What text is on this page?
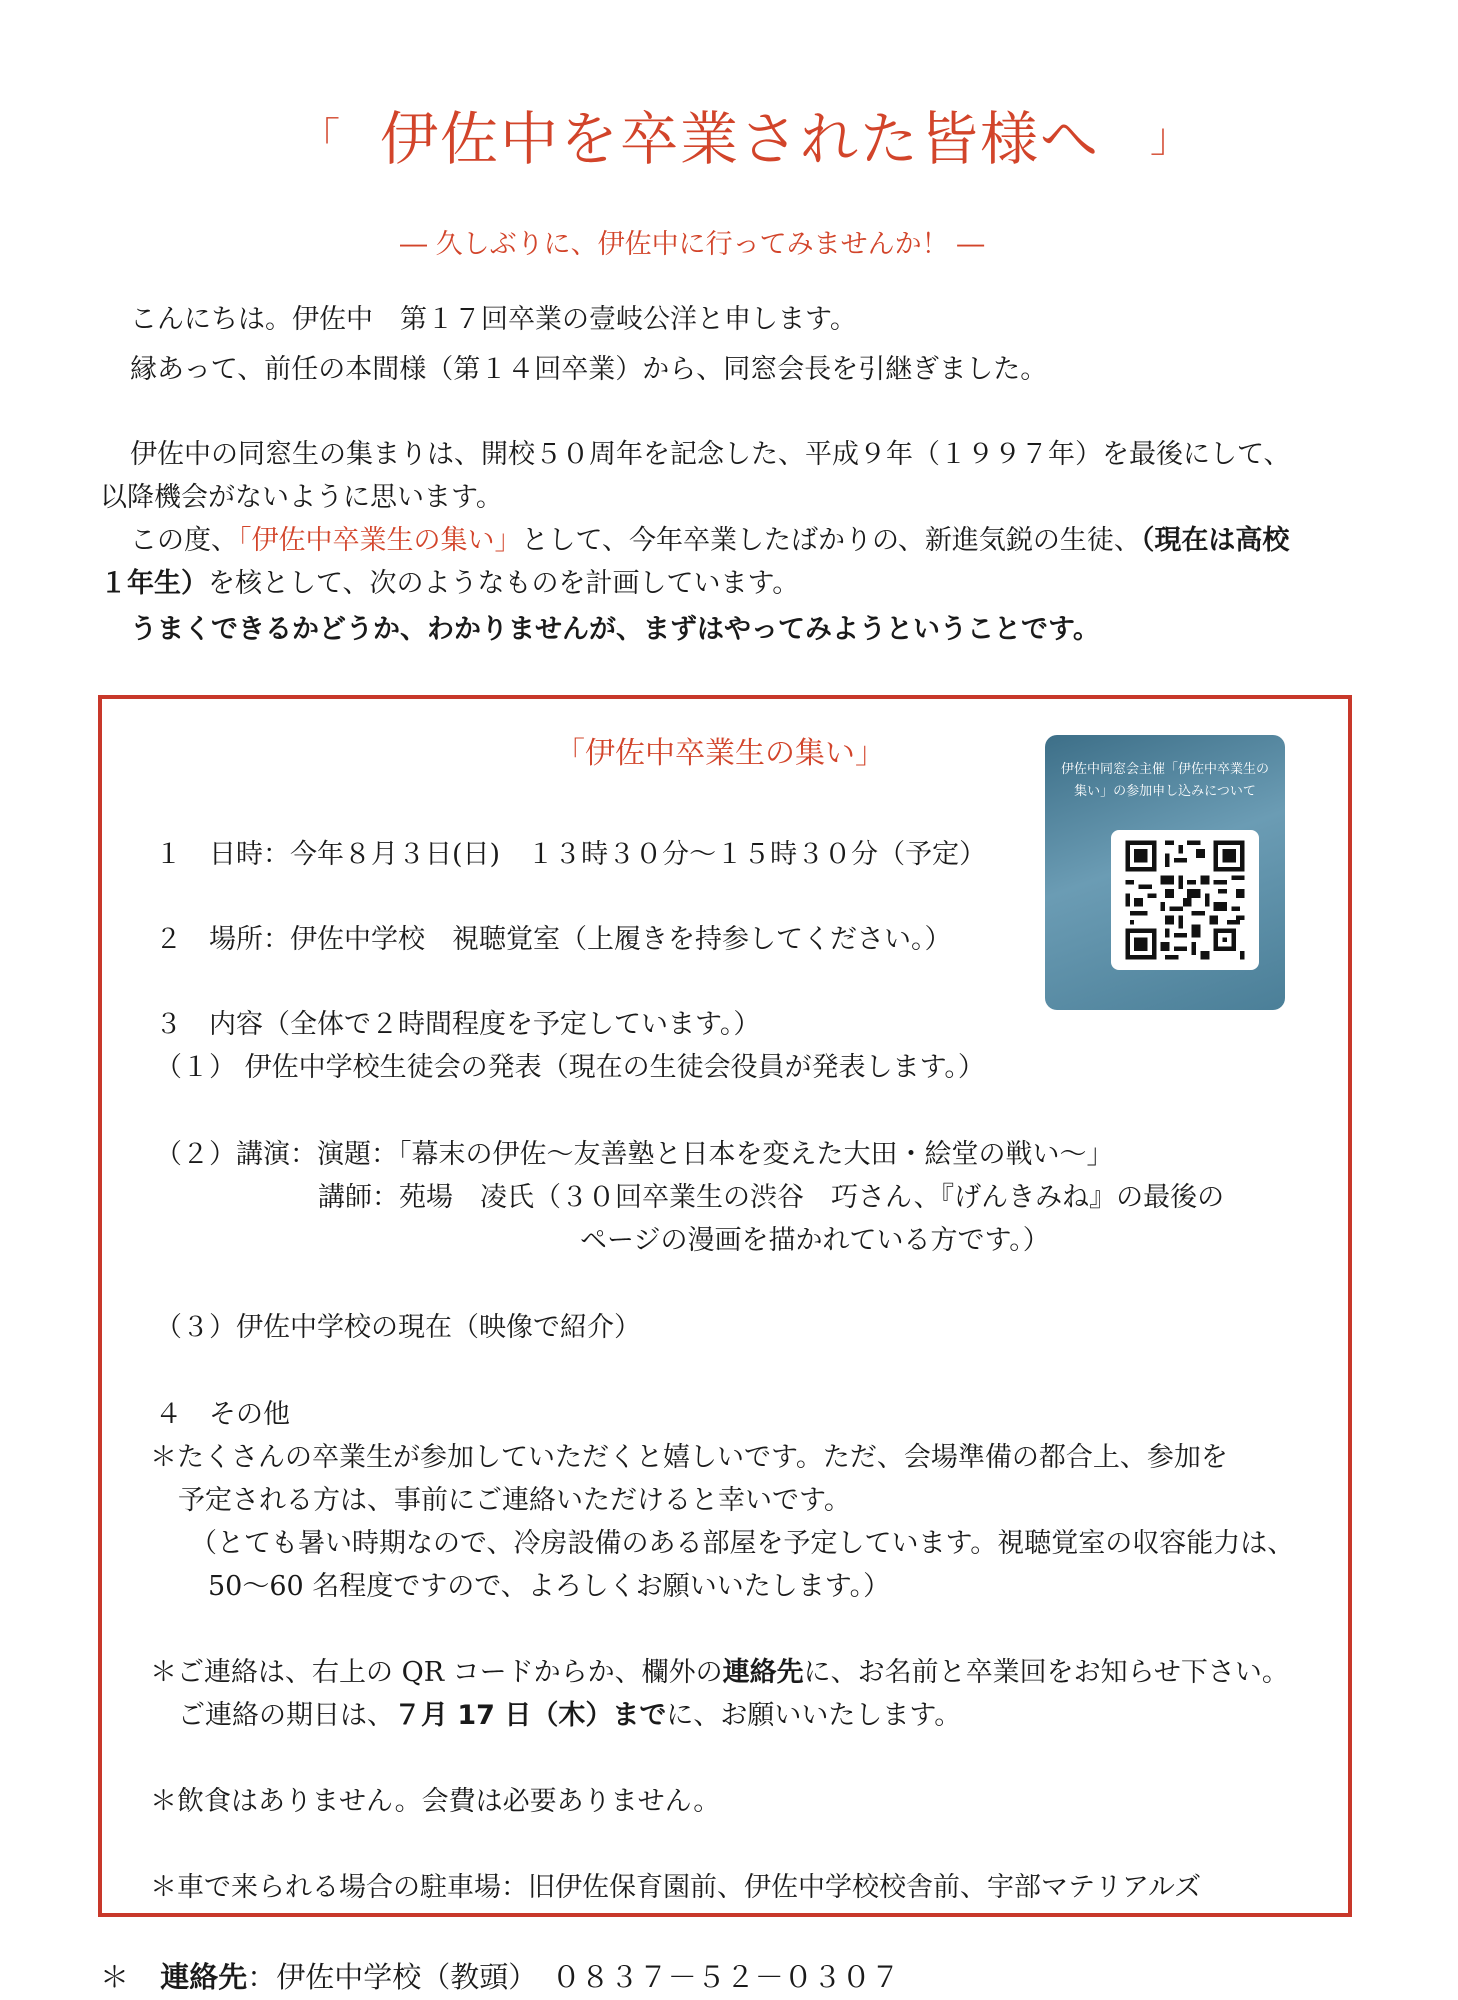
「 伊佐中を卒業された皆様へ 」
― 久しぶりに、伊佐中に行ってみませんか！ ―
こんにちは。伊佐中　第１７回卒業の壹岐公洋と申します。
縁あって、前任の本間様（第１４回卒業）から、同窓会長を引継ぎました。
伊佐中の同窓生の集まりは、開校５０周年を記念した、平成９年（１９９７年）を最後にして、
以降機会がないように思います。
この度、「伊佐中卒業生の集い」として、今年卒業したばかりの、新進気鋭の生徒、（現在は高校
１年生）を核として、次のようなものを計画しています。
うまくできるかどうか、わかりませんが、まずはやってみようということです。
「伊佐中卒業生の集い」	伊佐中同窓会主催「伊佐中卒業生の集い」の参加申し込みについて
１　日時：今年８月３日(日)　１３時３０分～１５時３０分（予定）
２　場所：伊佐中学校　視聴覚室（上履きを持参してください。）
３　内容（全体で２時間程度を予定しています。）
（１） 伊佐中学校生徒会の発表（現在の生徒会役員が発表します。）
（２）講演：演題：「幕末の伊佐～友善塾と日本を変えた大田・絵堂の戦い～」
講師：苑場　凌氏（３０回卒業生の渋谷　巧さん、『げんきみね』の最後の
ページの漫画を描かれている方です。）
（３）伊佐中学校の現在（映像で紹介）
４　その他
＊たくさんの卒業生が参加していただくと嬉しいです。ただ、会場準備の都合上、参加を
予定される方は、事前にご連絡いただけると幸いです。
（とても暑い時期なので、冷房設備のある部屋を予定しています。視聴覚室の収容能力は、
50～60 名程度ですので、よろしくお願いいたします。）
＊ご連絡は、右上の QR コードからか、欄外の連絡先に、お名前と卒業回をお知らせ下さい。
ご連絡の期日は、７月 17 日（木）までに、お願いいたします。
＊飲食はありません。会費は必要ありません。
＊車で来られる場合の駐車場：旧伊佐保育園前、伊佐中学校校舎前、宇部マテリアルズ
＊ 連絡先：伊佐中学校（教頭）　０８３７－５２－０３０７
